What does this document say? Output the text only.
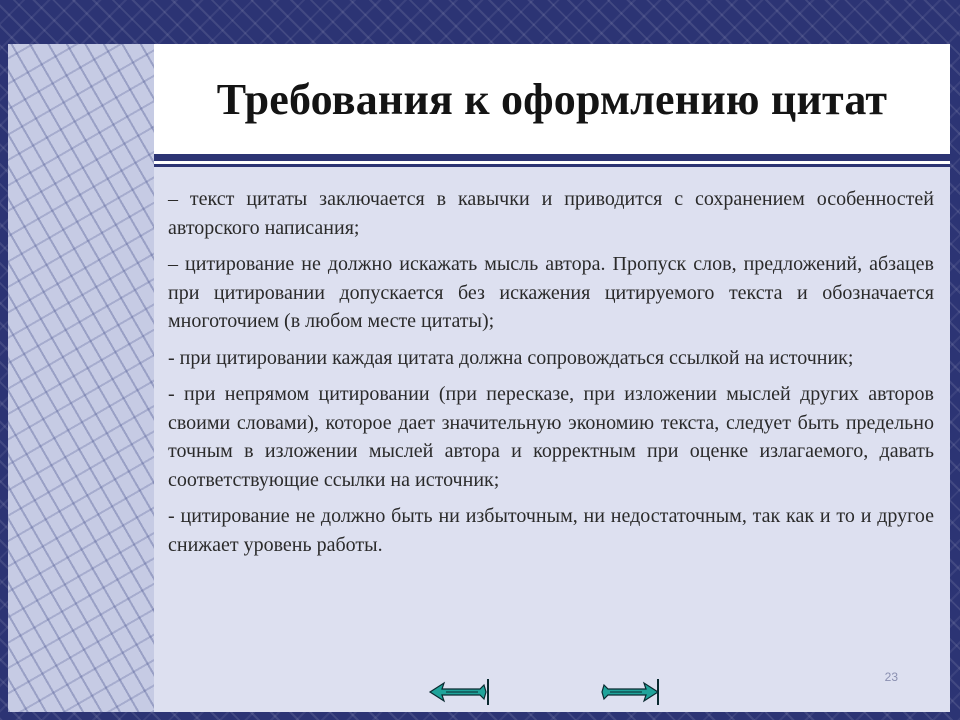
Требования к оформлению цитат

– текст цитаты заключается в кавычки и приводится с сохранением особенностей авторского написания;

– цитирование не должно искажать мысль автора. Пропуск слов, предложений, абзацев при цитировании допускается без искажения цитируемого текста и обозначается многоточием (в любом месте цитаты);

- при цитировании каждая цитата должна сопровождаться ссылкой на источник;

- при непрямом цитировании (при пересказе, при изложении мыслей других авторов своими словами), которое дает значительную экономию текста, следует быть предельно точным в изложении мыслей автора и корректным при оценке излагаемого, давать соответствующие ссылки на источник;

- цитирование не должно быть ни избыточным, ни недостаточным, так как и то и другое снижает уровень работы.

23
